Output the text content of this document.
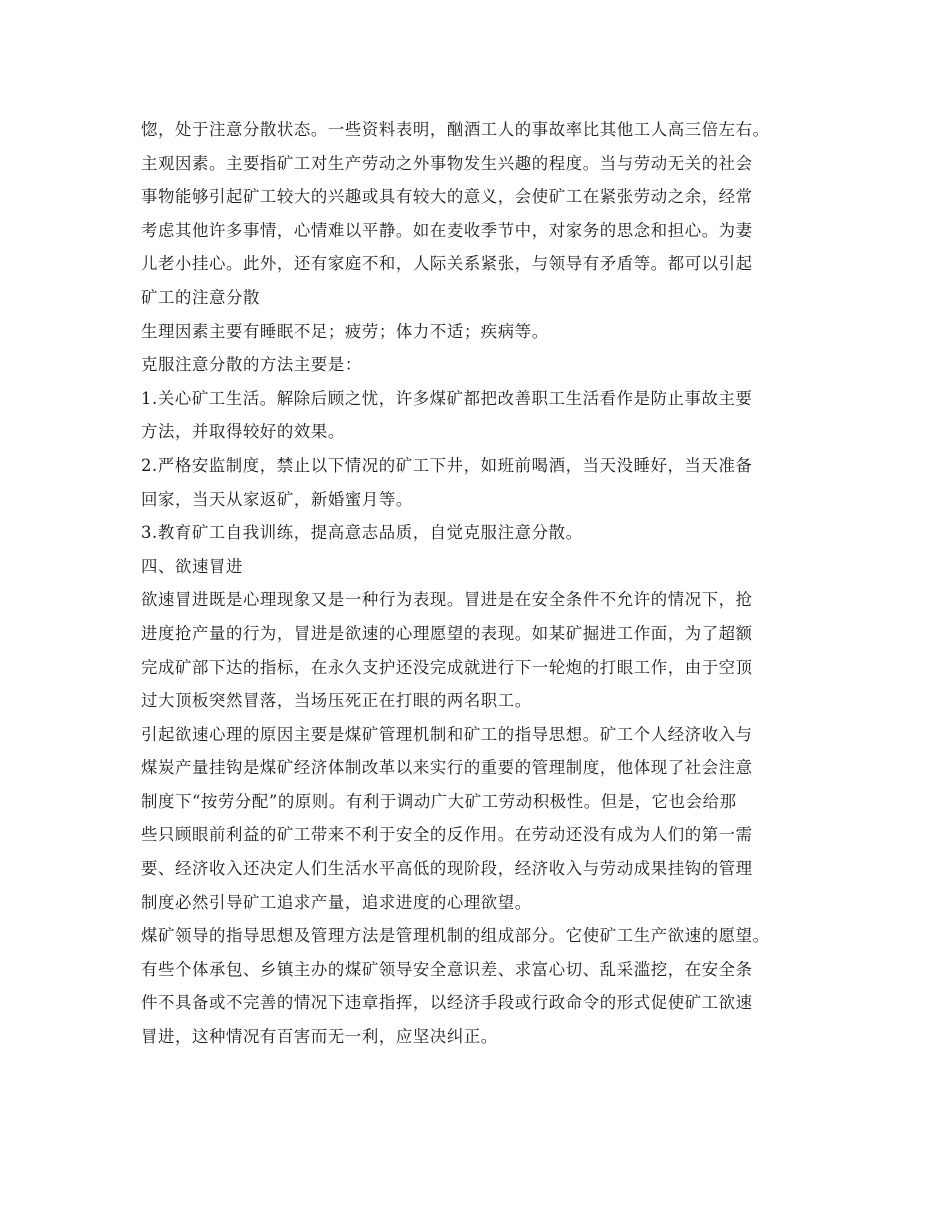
惚，处于注意分散状态。一些资料表明，酗酒工人的事故率比其他工人高三倍左右。
主观因素。主要指矿工对生产劳动之外事物发生兴趣的程度。当与劳动无关的社会
事物能够引起矿工较大的兴趣或具有较大的意义，会使矿工在紧张劳动之余，经常
考虑其他许多事情，心情难以平静。如在麦收季节中，对家务的思念和担心。为妻
儿老小挂心。此外，还有家庭不和，人际关系紧张，与领导有矛盾等。都可以引起
矿工的注意分散
生理因素主要有睡眠不足；疲劳；体力不适；疾病等。
克服注意分散的方法主要是：
1.关心矿工生活。解除后顾之忧，许多煤矿都把改善职工生活看作是防止事故主要
方法，并取得较好的效果。
2.严格安监制度，禁止以下情况的矿工下井，如班前喝酒，当天没睡好，当天准备
回家，当天从家返矿，新婚蜜月等。
3.教育矿工自我训练，提高意志品质，自觉克服注意分散。
四、欲速冒进
欲速冒进既是心理现象又是一种行为表现。冒进是在安全条件不允许的情况下，抢
进度抢产量的行为，冒进是欲速的心理愿望的表现。如某矿掘进工作面，为了超额
完成矿部下达的指标，在永久支护还没完成就进行下一轮炮的打眼工作，由于空顶
过大顶板突然冒落，当场压死正在打眼的两名职工。
引起欲速心理的原因主要是煤矿管理机制和矿工的指导思想。矿工个人经济收入与
煤炭产量挂钩是煤矿经济体制改革以来实行的重要的管理制度，他体现了社会注意
制度下“按劳分配”的原则。有利于调动广大矿工劳动积极性。但是，它也会给那
些只顾眼前利益的矿工带来不利于安全的反作用。在劳动还没有成为人们的第一需
要、经济收入还决定人们生活水平高低的现阶段，经济收入与劳动成果挂钩的管理
制度必然引导矿工追求产量，追求进度的心理欲望。
煤矿领导的指导思想及管理方法是管理机制的组成部分。它使矿工生产欲速的愿望。
有些个体承包、乡镇主办的煤矿领导安全意识差、求富心切、乱采滥挖，在安全条
件不具备或不完善的情况下违章指挥，以经济手段或行政命令的形式促使矿工欲速
冒进，这种情况有百害而无一利，应坚决纠正。
